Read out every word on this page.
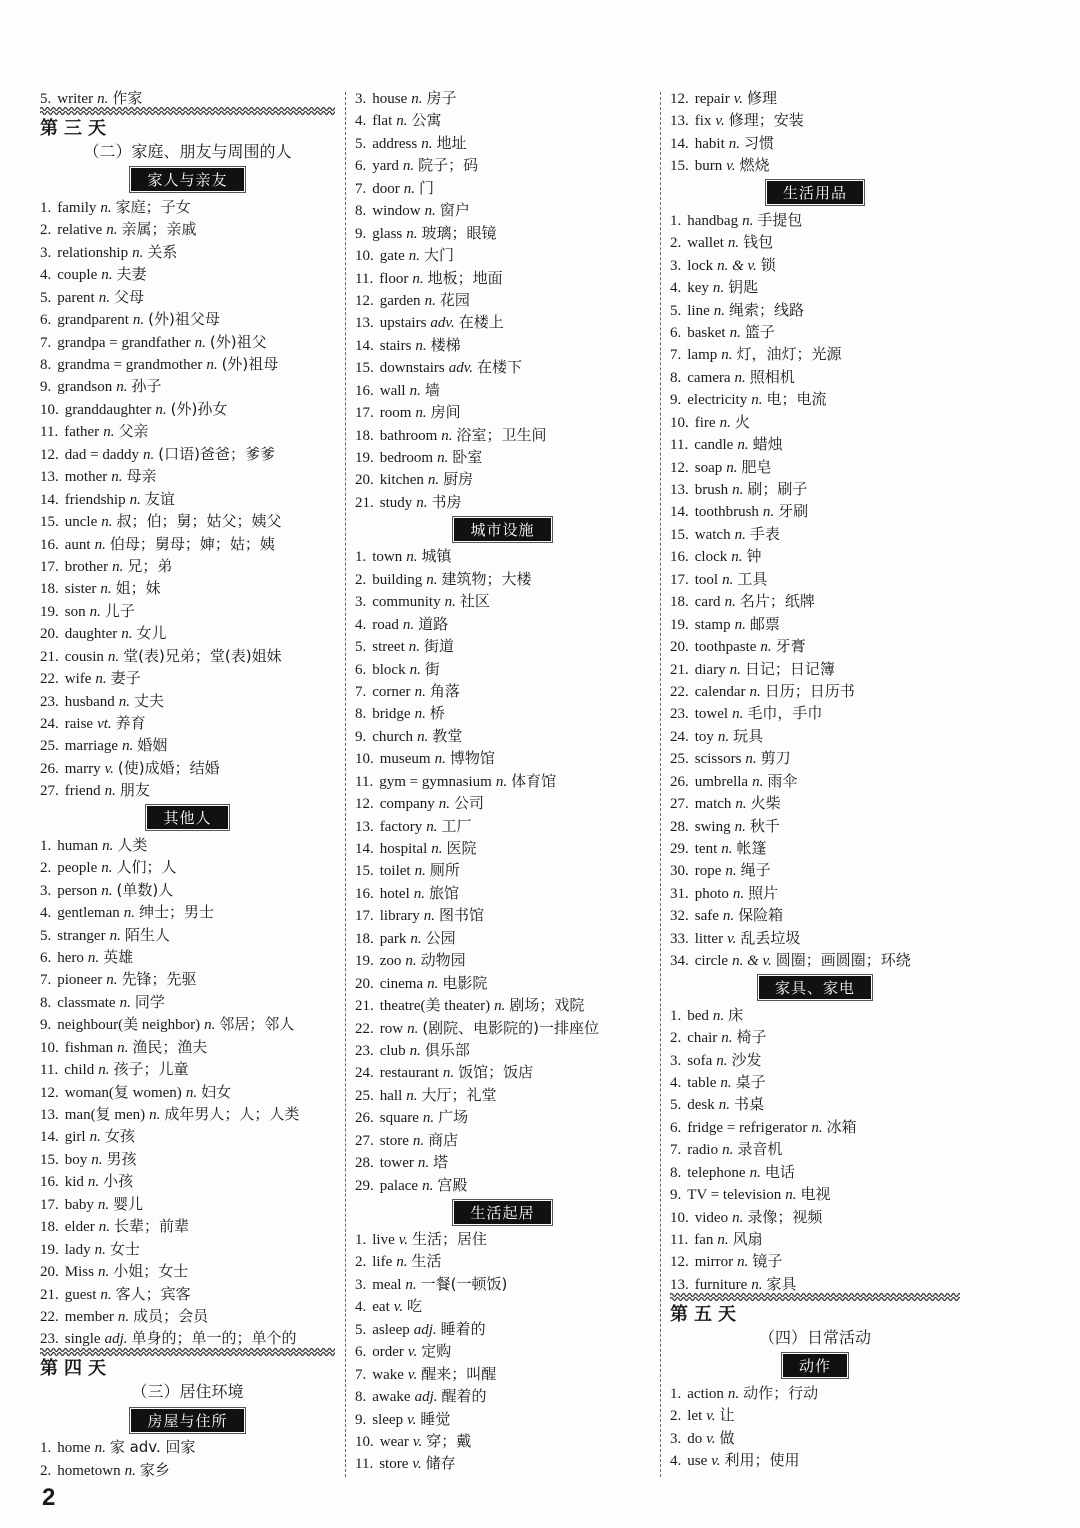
5. writer n. 作家
第三天
（二）家庭、朋友与周围的人
家人与亲友
1. family n. 家庭；子女
2. relative n. 亲属；亲戚
3. relationship n. 关系
4. couple n. 夫妻
5. parent n. 父母
6. grandparent n. (外)祖父母
7. grandpa = grandfather n. (外)祖父
8. grandma = grandmother n. (外)祖母
9. grandson n. 孙子
10. granddaughter n. (外)孙女
11. father n. 父亲
12. dad = daddy n. (口语)爸爸；爹爹
13. mother n. 母亲
14. friendship n. 友谊
15. uncle n. 叔；伯；舅；姑父；姨父
16. aunt n. 伯母；舅母；婶；姑；姨
17. brother n. 兄；弟
18. sister n. 姐；妹
19. son n. 儿子
20. daughter n. 女儿
21. cousin n. 堂(表)兄弟；堂(表)姐妹
22. wife n. 妻子
23. husband n. 丈夫
24. raise vt. 养育
25. marriage n. 婚姻
26. marry v. (使)成婚；结婚
27. friend n. 朋友
其他人
1. human n. 人类
2. people n. 人们；人
3. person n. (单数)人
4. gentleman n. 绅士；男士
5. stranger n. 陌生人
6. hero n. 英雄
7. pioneer n. 先锋；先驱
8. classmate n. 同学
9. neighbour(美 neighbor) n. 邻居；邻人
10. fishman n. 渔民；渔夫
11. child n. 孩子；儿童
12. woman(复 women) n. 妇女
13. man(复 men) n. 成年男人；人；人类
14. girl n. 女孩
15. boy n. 男孩
16. kid n. 小孩
17. baby n. 婴儿
18. elder n. 长辈；前辈
19. lady n. 女士
20. Miss n. 小姐；女士
21. guest n. 客人；宾客
22. member n. 成员；会员
23. single adj. 单身的；单一的；单个的
第四天
（三）居住环境
房屋与住所
1. home n. 家 adv. 回家
2. hometown n. 家乡
3. house n. 房子
4. flat n. 公寓
5. address n. 地址
6. yard n. 院子；码
7. door n. 门
8. window n. 窗户
9. glass n. 玻璃；眼镜
10. gate n. 大门
11. floor n. 地板；地面
12. garden n. 花园
13. upstairs adv. 在楼上
14. stairs n. 楼梯
15. downstairs adv. 在楼下
16. wall n. 墙
17. room n. 房间
18. bathroom n. 浴室；卫生间
19. bedroom n. 卧室
20. kitchen n. 厨房
21. study n. 书房
城市设施
1. town n. 城镇
2. building n. 建筑物；大楼
3. community n. 社区
4. road n. 道路
5. street n. 街道
6. block n. 街
7. corner n. 角落
8. bridge n. 桥
9. church n. 教堂
10. museum n. 博物馆
11. gym = gymnasium n. 体育馆
12. company n. 公司
13. factory n. 工厂
14. hospital n. 医院
15. toilet n. 厕所
16. hotel n. 旅馆
17. library n. 图书馆
18. park n. 公园
19. zoo n. 动物园
20. cinema n. 电影院
21. theatre(美 theater) n. 剧场；戏院
22. row n. (剧院、电影院的)一排座位
23. club n. 俱乐部
24. restaurant n. 饭馆；饭店
25. hall n. 大厅；礼堂
26. square n. 广场
27. store n. 商店
28. tower n. 塔
29. palace n. 宫殿
生活起居
1. live v. 生活；居住
2. life n. 生活
3. meal n. 一餐(一顿饭)
4. eat v. 吃
5. asleep adj. 睡着的
6. order v. 定购
7. wake v. 醒来；叫醒
8. awake adj. 醒着的
9. sleep v. 睡觉
10. wear v. 穿；戴
11. store v. 储存
12. repair v. 修理
13. fix v. 修理；安装
14. habit n. 习惯
15. burn v. 燃烧
生活用品
1. handbag n. 手提包
2. wallet n. 钱包
3. lock n. & v. 锁
4. key n. 钥匙
5. line n. 绳索；线路
6. basket n. 篮子
7. lamp n. 灯，油灯；光源
8. camera n. 照相机
9. electricity n. 电；电流
10. fire n. 火
11. candle n. 蜡烛
12. soap n. 肥皂
13. brush n. 刷；刷子
14. toothbrush n. 牙刷
15. watch n. 手表
16. clock n. 钟
17. tool n. 工具
18. card n. 名片；纸牌
19. stamp n. 邮票
20. toothpaste n. 牙膏
21. diary n. 日记；日记簿
22. calendar n. 日历；日历书
23. towel n. 毛巾，手巾
24. toy n. 玩具
25. scissors n. 剪刀
26. umbrella n. 雨伞
27. match n. 火柴
28. swing n. 秋千
29. tent n. 帐篷
30. rope n. 绳子
31. photo n. 照片
32. safe n. 保险箱
33. litter v. 乱丢垃圾
34. circle n. & v. 圆圈；画圆圈；环绕
家具、家电
1. bed n. 床
2. chair n. 椅子
3. sofa n. 沙发
4. table n. 桌子
5. desk n. 书桌
6. fridge = refrigerator n. 冰箱
7. radio n. 录音机
8. telephone n. 电话
9. TV = television n. 电视
10. video n. 录像；视频
11. fan n. 风扇
12. mirror n. 镜子
13. furniture n. 家具
第五天
（四）日常活动
动作
1. action n. 动作；行动
2. let v. 让
3. do v. 做
4. use v. 利用；使用
2
